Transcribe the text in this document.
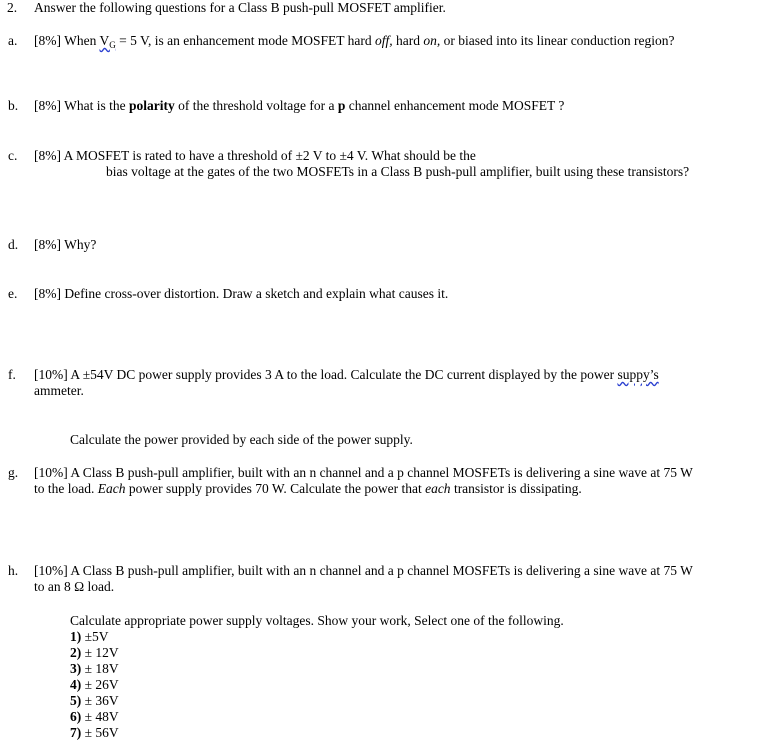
2. Answer the following questions for a Class B push-pull MOSFET amplifier.
a. [8%] When $V_G = 5$ V, is an enhancement mode MOSFET hard off, hard on, or biased into its linear conduction region?
b. [8%] What is the polarity of the threshold voltage for a p channel enhancement mode MOSFET ?
c. [8%] A MOSFET is rated to have a threshold of ±2 V to ±4 V. What should be the
bias voltage at the gates of the two MOSFETs in a Class B push-pull amplifier, built using these transistors?
d. [8%] Why?
e. [8%] Define cross-over distortion. Draw a sketch and explain what causes it.
f. [10%] A ±54V DC power supply provides 3 A to the load. Calculate the DC current displayed by the power suppy’s
ammeter.
Calculate the power provided by each side of the power supply.
g. [10%] A Class B push-pull amplifier, built with an n channel and a p channel MOSFETs is delivering a sine wave at 75 W
to the load. Each power supply provides 70 W. Calculate the power that each transistor is dissipating.
h. [10%] A Class B push-pull amplifier, built with an n channel and a p channel MOSFETs is delivering a sine wave at 75 W
to an 8 Ω load.
Calculate appropriate power supply voltages. Show your work, Select one of the following.
1) ±5V
2) ± 12V
3) ± 18V
4) ± 26V
5) ± 36V
6) ± 48V
7) ± 56V
